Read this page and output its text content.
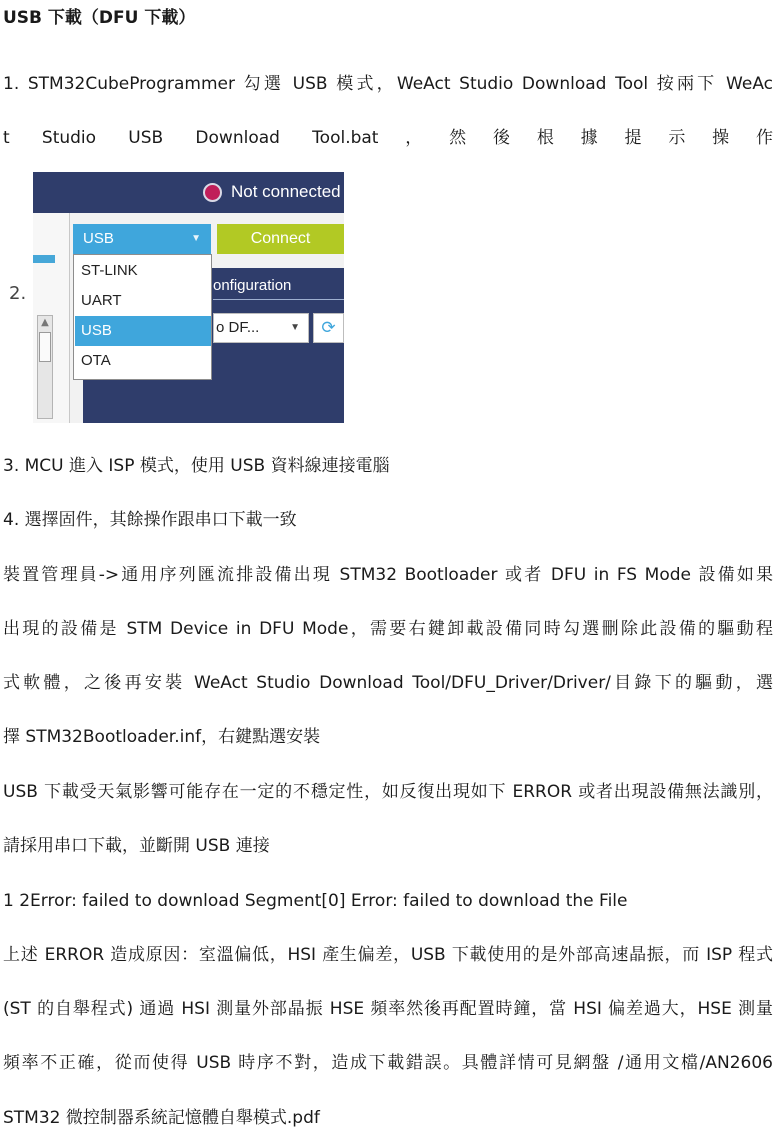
USB 下載（DFU 下載）
1. STM32CubeProgrammer 勾選 USB 模式，WeAct Studio Download Tool 按兩下 WeAc
t Studio USB Download Tool.bat，然後根據提示操作
Not connected
onfiguration
▲
USB	▼	Connect
o DF...	▼	⟳
ST-LINK
UART
USB
OTA
2.
3. MCU 進入 ISP 模式，使用 USB 資料線連接電腦
4. 選擇固件，其餘操作跟串口下載一致
裝置管理員->通用序列匯流排設備出現 STM32 Bootloader 或者 DFU in FS Mode 設備如果
出現的設備是 STM Device in DFU Mode，需要右鍵卸載設備同時勾選刪除此設備的驅動程
式軟體，之後再安裝 WeAct Studio Download Tool/DFU_Driver/Driver/目錄下的驅動，選
擇 STM32Bootloader.inf，右鍵點選安裝
USB 下載受天氣影響可能存在一定的不穩定性，如反復出現如下 ERROR 或者出現設備無法識別，
請採用串口下載，並斷開 USB 連接
1 2Error: failed to download Segment[0] Error: failed to download the File
上述 ERROR 造成原因：室溫偏低，HSI 產生偏差，USB 下載使用的是外部高速晶振，而 ISP 程式
(ST 的自舉程式) 通過 HSI 測量外部晶振 HSE 頻率然後再配置時鐘，當 HSI 偏差過大，HSE 測量
頻率不正確，從而使得 USB 時序不對，造成下載錯誤。具體詳情可見網盤 /通用文檔/AN2606
STM32 微控制器系統記憶體自舉模式.pdf
